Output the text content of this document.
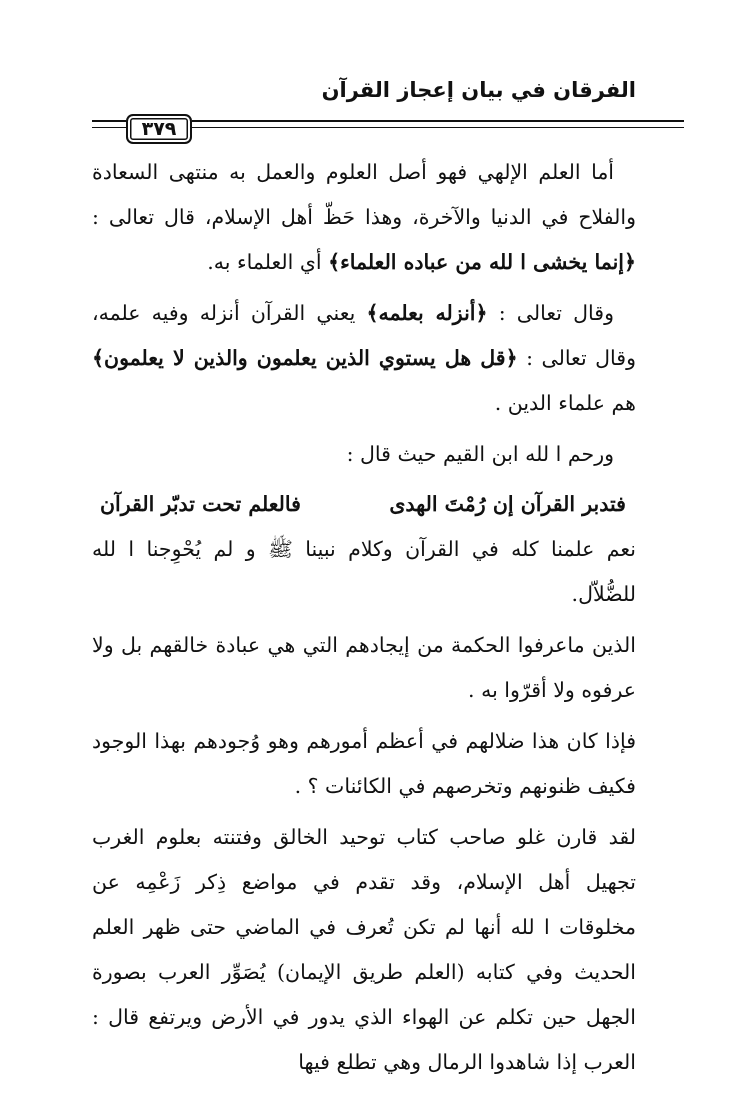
الفرقان في بيان إعجاز القرآن
٣٧٩

أما العلم الإلهي فهو أصل العلوم والعمل به منتهى السعادة والفلاح في الدنيا والآخرة، وهذا حَظّ أهل الإسلام، قال تعالى : ﴿إنما يخشى ا لله من عباده العلماء﴾ أي العلماء به.

وقال تعالى : ﴿أنزله بعلمه﴾ يعني القرآن أنزله وفيه علمه، وقال تعالى : ﴿قل هل يستوي الذين يعلمون والذين لا يعلمون﴾ هم علماء الدين .

ورحم ا لله ابن القيم حيث قال :

فتدبر القرآن إن رُمْتَ الهدى
فالعلم تحت تدبّر القرآن

نعم علمنا كله في القرآن وكلام نبينا ﷺ و لم يُحْوِجنا ا لله للضُّلاّل.

الذين ماعرفوا الحكمة من إيجادهم التي هي عبادة خالقهم بل ولا عرفوه ولا أقرّوا به .

فإذا كان هذا ضلالهم في أعظم أمورهم وهو وُجودهم بهذا الوجود فكيف ظنونهم وتخرصهم في الكائنات ؟ .

لقد قارن غلو صاحب كتاب توحيد الخالق وفتنته بعلوم الغرب تجهيل أهل الإسلام، وقد تقدم في مواضع ذِكر زَعْمِه عن مخلوقات ا لله أنها لم تكن تُعرف في الماضي حتى ظهر العلم الحديث وفي كتابه (العلم طريق الإيمان) يُصَوِّر العرب بصورة الجهل حين تكلم عن الهواء الذي يدور في الأرض ويرتفع قال : العرب إذا شاهدوا الرمال وهي تطلع فيها
